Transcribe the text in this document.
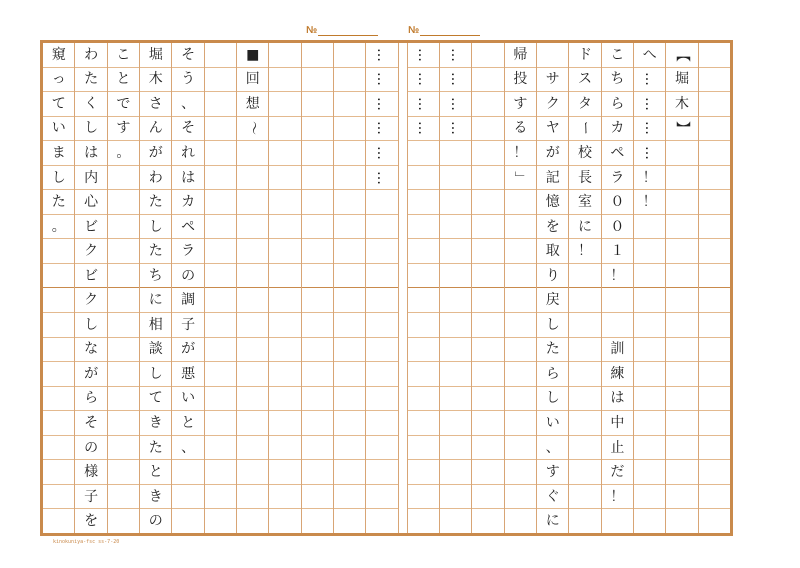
№	№
【
堀
木
】
へ
…
…
…
…
！
！
こ
ち
ら
カ
ペ
ラ
０
０
１
！
訓
練
は
中
止
だ
！
ド
ス
タ
ー
校
長
室
に
！
サ
ク
ヤ
が
記
憶
を
取
り
戻
し
た
ら
し
い
、
す
ぐ
に
帰
投
す
る
！
」
…
…
…
…
…
…
…
…
…
…
…
…
…
…
■
回
想
～
そ
う
、
そ
れ
は
カ
ペ
ラ
の
調
子
が
悪
い
と
、
堀
木
さ
ん
が
わ
た
し
た
ち
に
相
談
し
て
き
た
と
き
の
こ
と
で
す
。
わ
た
く
し
は
内
心
ビ
ク
ビ
ク
し
な
が
ら
そ
の
様
子
を
窺
っ
て
い
ま
し
た
。
kinokuniya-fsc ss-7-20
